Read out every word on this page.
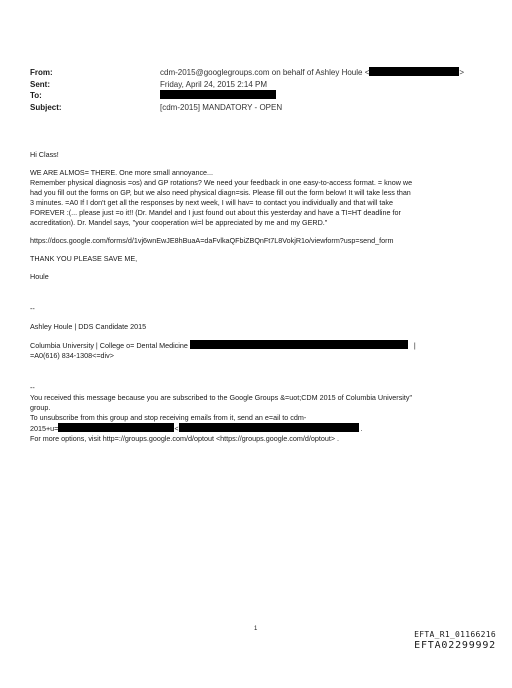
From:	cdm-2015@googlegroups.com on behalf of Ashley Houle <	>
Sent:	Friday, April 24, 2015 2:14 PM
To:
Subject:	[cdm-2015] MANDATORY - OPEN

Hi Class!

WE ARE ALMOS= THERE. One more small annoyance...
Remember physical diagnosis =os) and GP rotations? We need your feedback in one easy-to-access format. = know we
had you fill out the forms on GP, but we also need physical diagn=sis. Please fill out the form below! It will take less than
3 minutes. =A0 If I don't get all the responses by next week, I will hav= to contact you individually and that will take
FOREVER :(... please just =o it!! (Dr. Mandel and I just found out about this yesterday and have a TI=HT deadline for
accreditation). Dr. Mandel says, "your cooperation wi=l be appreciated by me and my GERD."

https://docs.google.com/forms/d/1vj6wnEwJE8hBuaA=daFvlkaQFbiZBQnFt7L8VokjR1o/viewform?usp=send_form

THANK YOU PLEASE SAVE ME,

Houle

--

Ashley Houle | DDS Candidate 2015

Columbia University | College o= Dental Medicine	|

=A0(616) 834-1308<=div>

--

You received this message because you are subscribed to the Google Groups &=uot;CDM 2015 of Columbia University"
group.
To unsubscribe from this group and stop receiving emails from it, send an e=ail to cdm-
2015+u=	<	.
For more options, visit http=://groups.google.com/d/optout <https://groups.google.com/d/optout> .

1
EFTA_R1_01166216
EFTA02299992
